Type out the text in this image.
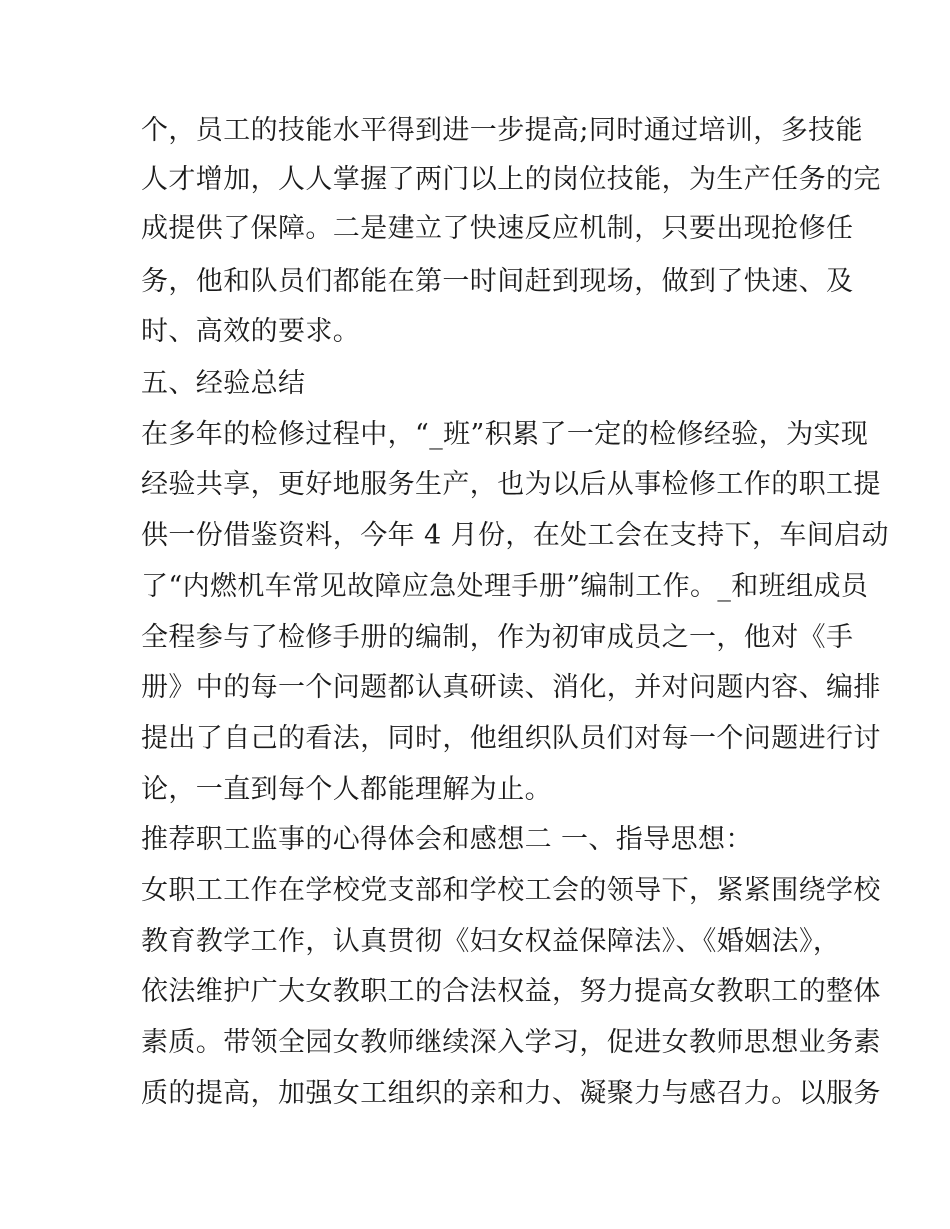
个，员工的技能水平得到进一步提高;同时通过培训，多技能
人才增加，人人掌握了两门以上的岗位技能，为生产任务的完
成提供了保障。二是建立了快速反应机制，只要出现抢修任
务，他和队员们都能在第一时间赶到现场，做到了快速、及
时、高效的要求。
五、经验总结
在多年的检修过程中，“_班”积累了一定的检修经验，为实现
经验共享，更好地服务生产，也为以后从事检修工作的职工提
供一份借鉴资料，今年 4 月份，在处工会在支持下，车间启动
了“内燃机车常见故障应急处理手册”编制工作。_和班组成员
全程参与了检修手册的编制，作为初审成员之一，他对《手
册》中的每一个问题都认真研读、消化，并对问题内容、编排
提出了自己的看法，同时，他组织队员们对每一个问题进行讨
论，一直到每个人都能理解为止。
推荐职工监事的心得体会和感想二 一、指导思想：
女职工工作在学校党支部和学校工会的领导下，紧紧围绕学校
教育教学工作，认真贯彻《妇女权益保障法》、《婚姻法》，
依法维护广大女教职工的合法权益，努力提高女教职工的整体
素质。带领全园女教师继续深入学习，促进女教师思想业务素
质的提高，加强女工组织的亲和力、凝聚力与感召力。以服务
